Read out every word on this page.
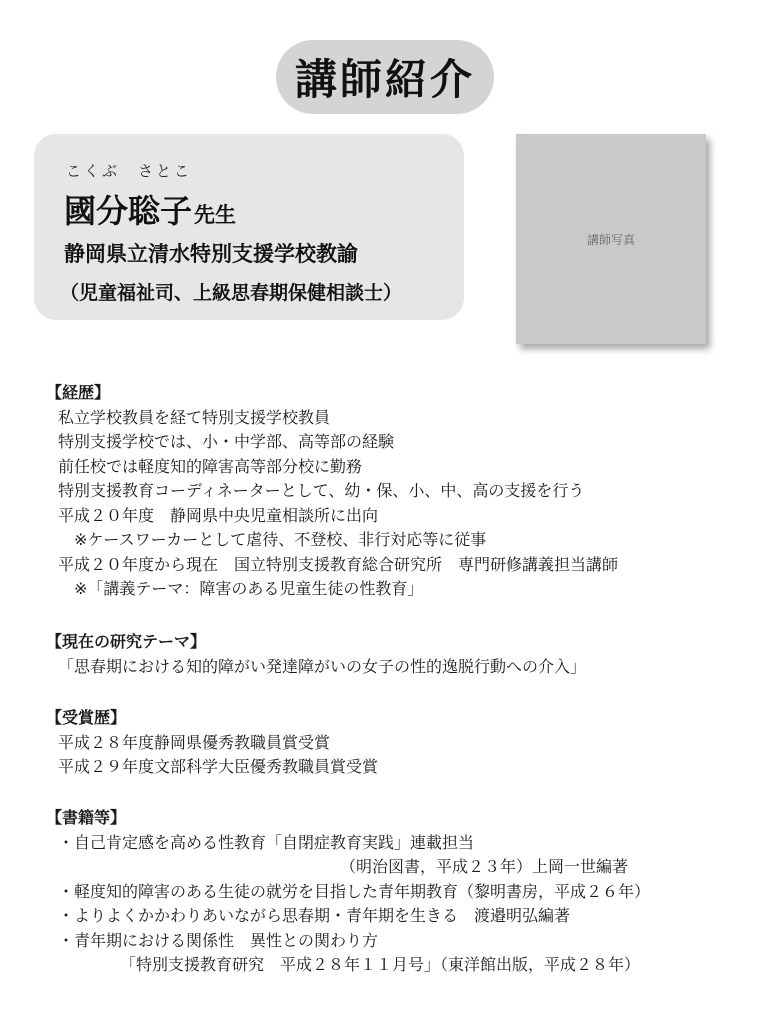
講師紹介
こくぶ　さとこ
國分聡子先生
静岡県立清水特別支援学校教諭
（児童福祉司、上級思春期保健相談士）
講師写真
【経歴】
私立学校教員を経て特別支援学校教員
特別支援学校では、小・中学部、高等部の経験
前任校では軽度知的障害高等部分校に勤務
特別支援教育コーディネーターとして、幼・保、小、中、高の支援を行う
平成２０年度　静岡県中央児童相談所に出向
※ケースワーカーとして虐待、不登校、非行対応等に従事
平成２０年度から現在　国立特別支援教育総合研究所　専門研修講義担当講師
※「講義テーマ：障害のある児童生徒の性教育」
【現在の研究テーマ】
「思春期における知的障がい発達障がいの女子の性的逸脱行動への介入」
【受賞歴】
平成２８年度静岡県優秀教職員賞受賞
平成２９年度文部科学大臣優秀教職員賞受賞
【書籍等】
・自己肯定感を高める性教育「自閉症教育実践」連載担当
（明治図書，平成２３年）上岡一世編著
・軽度知的障害のある生徒の就労を目指した青年期教育（黎明書房，平成２６年）
・よりよくかかわりあいながら思春期・青年期を生きる　渡邉明弘編著
・青年期における関係性　異性との関わり方
「特別支援教育研究　平成２８年１１月号」（東洋館出版，平成２８年）
